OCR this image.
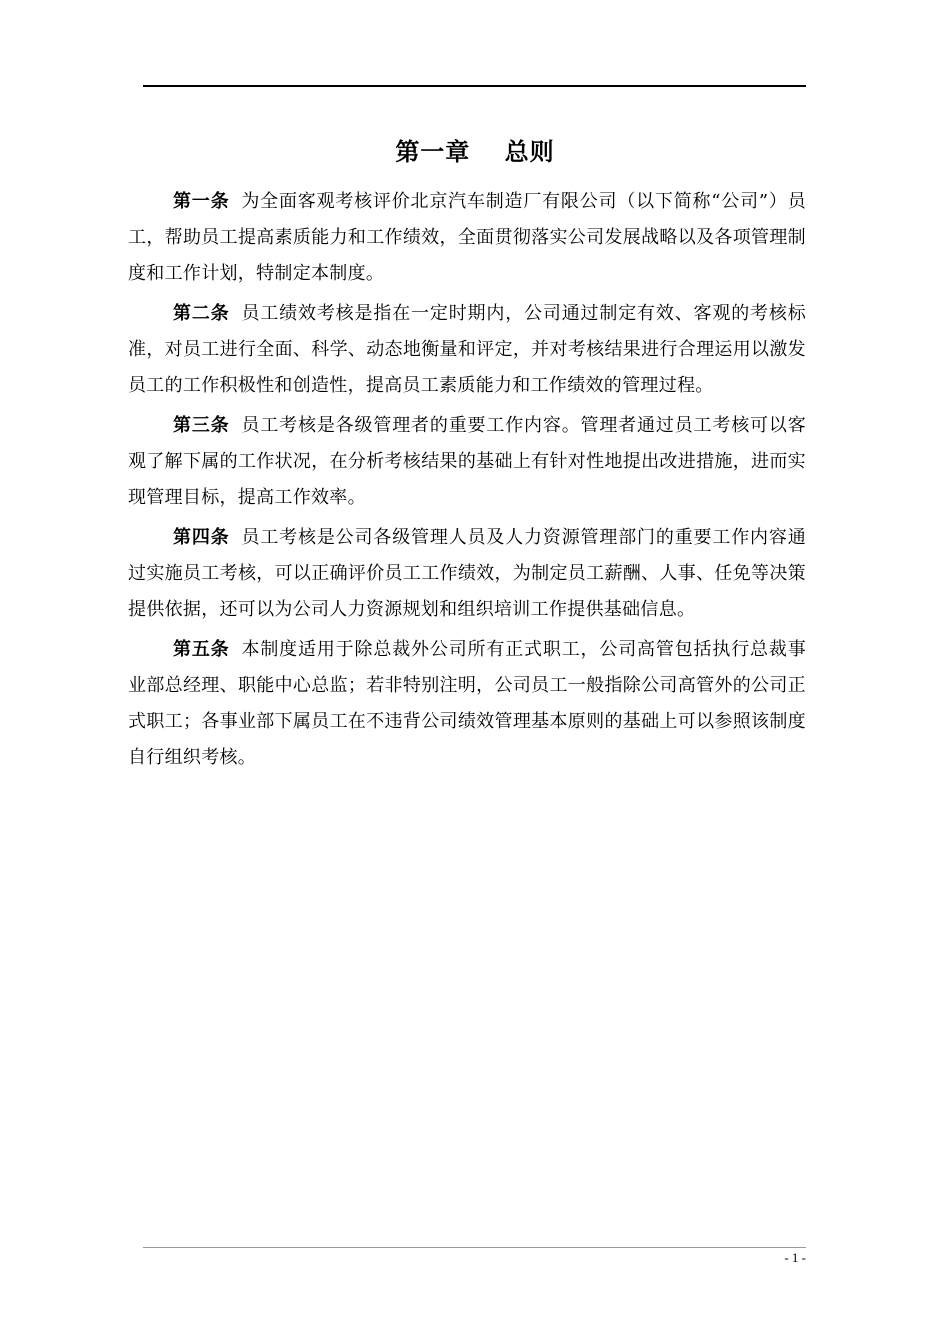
第一章　 总则

第一条 为全面客观考核评价北京汽车制造厂有限公司（以下简称“公司”）员工，帮助员工提高素质能力和工作绩效，全面贯彻落实公司发展战略以及各项管理制度和工作计划，特制定本制度。

第二条 员工绩效考核是指在一定时期内，公司通过制定有效、客观的考核标准，对员工进行全面、科学、动态地衡量和评定，并对考核结果进行合理运用以激发员工的工作积极性和创造性，提高员工素质能力和工作绩效的管理过程。

第三条 员工考核是各级管理者的重要工作内容。管理者通过员工考核可以客观了解下属的工作状况，在分析考核结果的基础上有针对性地提出改进措施，进而实现管理目标，提高工作效率。

第四条 员工考核是公司各级管理人员及人力资源管理部门的重要工作内容通过实施员工考核，可以正确评价员工工作绩效，为制定员工薪酬、人事、任免等决策提供依据，还可以为公司人力资源规划和组织培训工作提供基础信息。

第五条 本制度适用于除总裁外公司所有正式职工，公司高管包括执行总裁事业部总经理、职能中心总监；若非特别注明，公司员工一般指除公司高管外的公司正式职工；各事业部下属员工在不违背公司绩效管理基本原则的基础上可以参照该制度自行组织考核。

- 1 -
